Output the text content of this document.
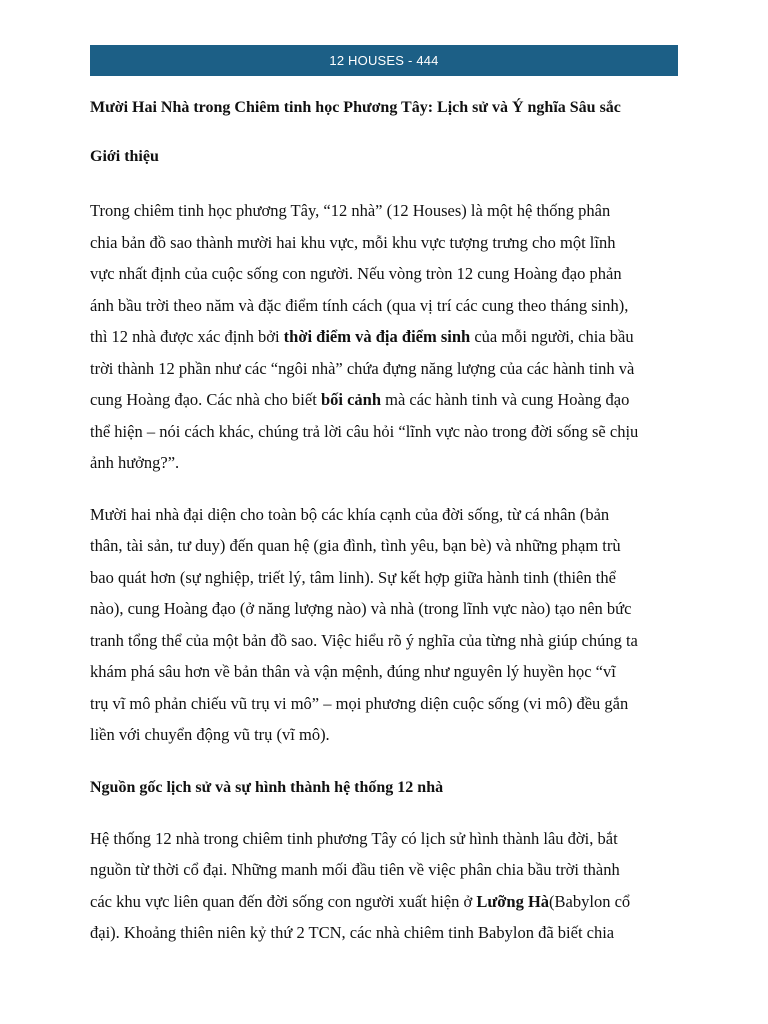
12 HOUSES - 444
Mười Hai Nhà trong Chiêm tinh học Phương Tây: Lịch sử và Ý nghĩa Sâu sắc
Giới thiệu

Trong chiêm tinh học phương Tây, “12 nhà” (12 Houses) là một hệ thống phân
chia bản đồ sao thành mười hai khu vực, mỗi khu vực tượng trưng cho một lĩnh
vực nhất định của cuộc sống con người. Nếu vòng tròn 12 cung Hoàng đạo phản
ánh bầu trời theo năm và đặc điểm tính cách (qua vị trí các cung theo tháng sinh),
thì 12 nhà được xác định bởi thời điểm và địa điểm sinh của mỗi người, chia bầu
trời thành 12 phần như các “ngôi nhà” chứa đựng năng lượng của các hành tinh và
cung Hoàng đạo. Các nhà cho biết bối cảnh mà các hành tinh và cung Hoàng đạo
thể hiện – nói cách khác, chúng trả lời câu hỏi “lĩnh vực nào trong đời sống sẽ chịu
ảnh hưởng?”.

Mười hai nhà đại diện cho toàn bộ các khía cạnh của đời sống, từ cá nhân (bản
thân, tài sản, tư duy) đến quan hệ (gia đình, tình yêu, bạn bè) và những phạm trù
bao quát hơn (sự nghiệp, triết lý, tâm linh). Sự kết hợp giữa hành tinh (thiên thể
nào), cung Hoàng đạo (ở năng lượng nào) và nhà (trong lĩnh vực nào) tạo nên bức
tranh tổng thể của một bản đồ sao. Việc hiểu rõ ý nghĩa của từng nhà giúp chúng ta
khám phá sâu hơn về bản thân và vận mệnh, đúng như nguyên lý huyền học “vĩ
trụ vĩ mô phản chiếu vũ trụ vi mô” – mọi phương diện cuộc sống (vi mô) đều gắn
liền với chuyển động vũ trụ (vĩ mô).

Nguồn gốc lịch sử và sự hình thành hệ thống 12 nhà

Hệ thống 12 nhà trong chiêm tinh phương Tây có lịch sử hình thành lâu đời, bắt
nguồn từ thời cổ đại. Những manh mối đầu tiên về việc phân chia bầu trời thành
các khu vực liên quan đến đời sống con người xuất hiện ở Lưỡng Hà(Babylon cổ
đại). Khoảng thiên niên kỷ thứ 2 TCN, các nhà chiêm tinh Babylon đã biết chia
